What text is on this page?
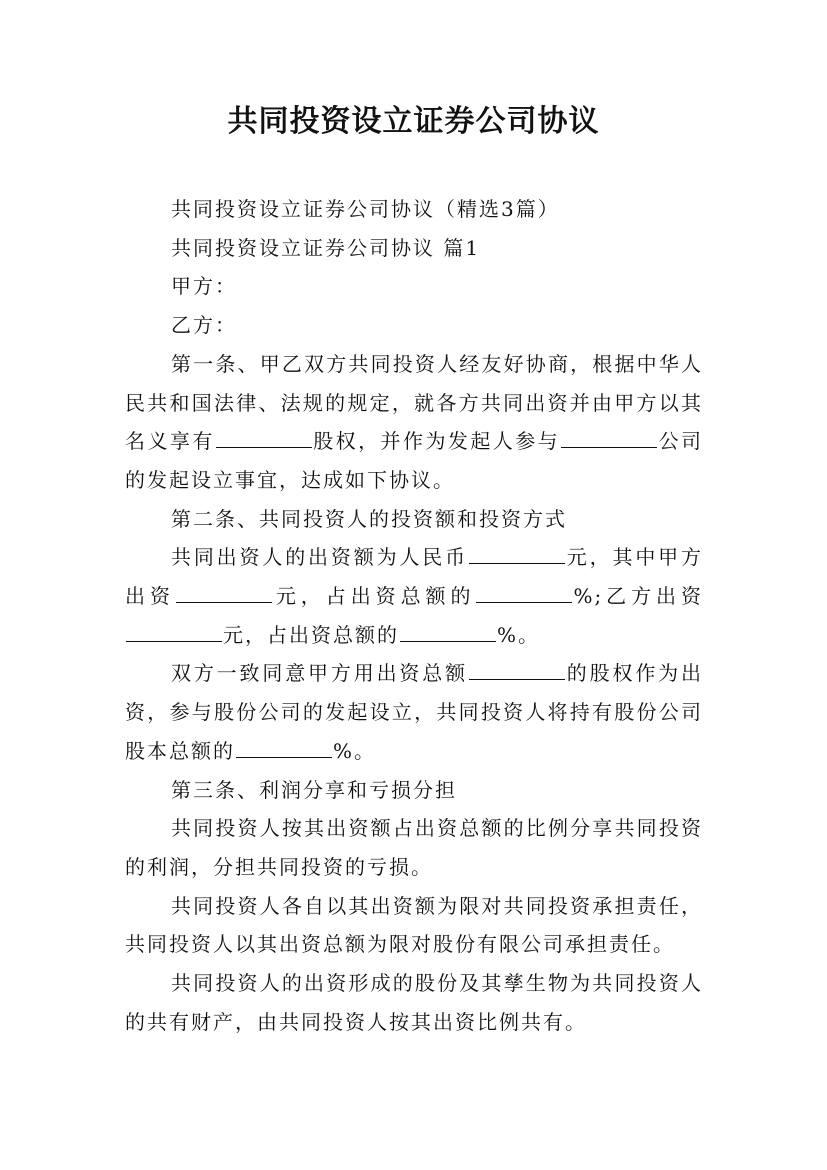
共同投资设立证券公司协议

共同投资设立证券公司协议（精选3篇）

共同投资设立证券公司协议 篇1

甲方：

乙方：

第一条、甲乙双方共同投资人经友好协商，根据中华人民共和国法律、法规的规定，就各方共同出资并由甲方以其名义享有	股权，并作为发起人参与	公司的发起设立事宜，达成如下协议。

第二条、共同投资人的投资额和投资方式

共同出资人的出资额为人民币	元，其中甲方出资	元，占出资总额的	%;乙方出资元，占出资总额的	%。

双方一致同意甲方用出资总额	的股权作为出资，参与股份公司的发起设立，共同投资人将持有股份公司股本总额的	%。

第三条、利润分享和亏损分担

共同投资人按其出资额占出资总额的比例分享共同投资的利润，分担共同投资的亏损。

共同投资人各自以其出资额为限对共同投资承担责任，共同投资人以其出资总额为限对股份有限公司承担责任。

共同投资人的出资形成的股份及其孳生物为共同投资人的共有财产，由共同投资人按其出资比例共有。
